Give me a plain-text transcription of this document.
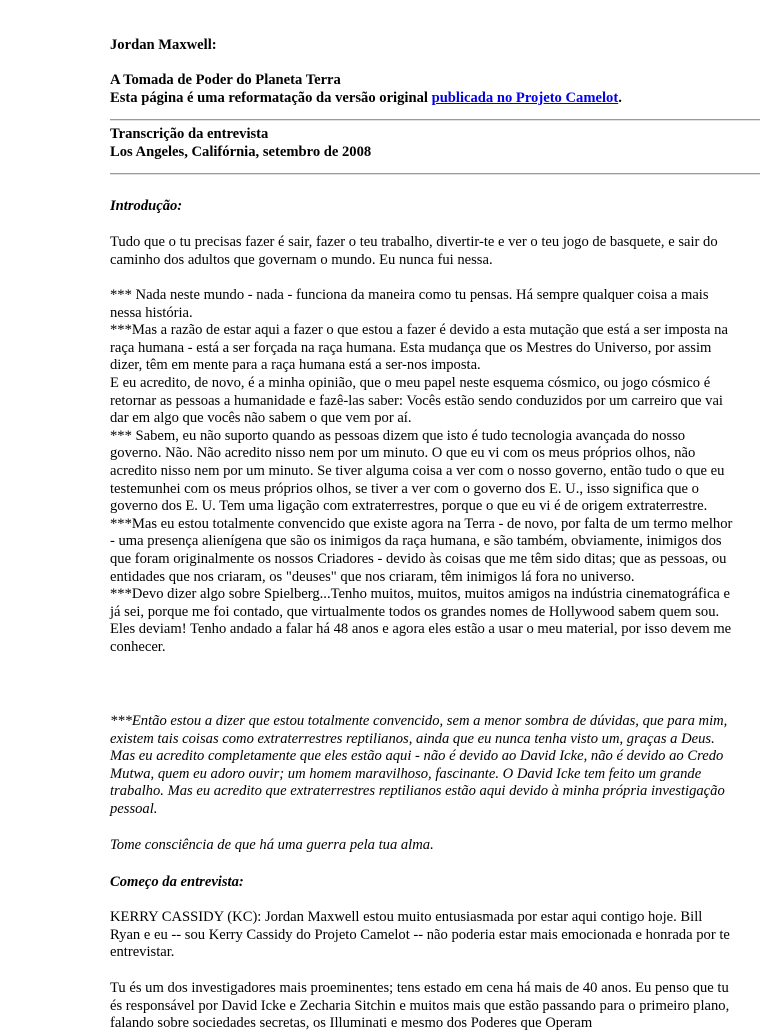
Jordan Maxwell:
A Tomada de Poder do Planeta Terra
Esta página é uma reformatação da versão original publicada no Projeto Camelot.
Transcrição da entrevista
Los Angeles, Califórnia, setembro de 2008
Introdução:

Tudo que o tu precisas fazer é sair, fazer o teu trabalho, divertir-te e ver o teu jogo de basquete, e sair do caminho dos adultos que governam o mundo. Eu nunca fui nessa.

*** Nada neste mundo - nada - funciona da maneira como tu pensas. Há sempre qualquer coisa a mais nessa história.

***Mas a razão de estar aqui a fazer o que estou a fazer é devido a esta mutação que está a ser imposta na raça humana - está a ser forçada na raça humana. Esta mudança que os Mestres do Universo, por assim dizer, têm em mente para a raça humana está a ser-nos imposta.

E eu acredito, de novo, é a minha opinião, que o meu papel neste esquema cósmico, ou jogo cósmico é retornar as pessoas a humanidade e fazê-las saber: Vocês estão sendo conduzidos por um carreiro que vai dar em algo que vocês não sabem o que vem por aí.

*** Sabem, eu não suporto quando as pessoas dizem que isto é tudo tecnologia avançada do nosso governo. Não. Não acredito nisso nem por um minuto. O que eu vi com os meus próprios olhos, não acredito nisso nem por um minuto. Se tiver alguma coisa a ver com o nosso governo, então tudo o que eu testemunhei com os meus próprios olhos, se tiver a ver com o governo dos E. U., isso significa que o governo dos E. U. Tem uma ligação com extraterrestres, porque o que eu vi é de origem extraterrestre.

***Mas eu estou totalmente convencido que existe agora na Terra - de novo, por falta de um termo melhor - uma presença alienígena que são os inimigos da raça humana, e são também, obviamente, inimigos dos que foram originalmente os nossos Criadores - devido às coisas que me têm sido ditas; que as pessoas, ou entidades que nos criaram, os "deuses" que nos criaram, têm inimigos lá fora no universo.

***Devo dizer algo sobre Spielberg...Tenho muitos, muitos, muitos amigos na indústria cinematográfica e já sei, porque me foi contado, que virtualmente todos os grandes nomes de Hollywood sabem quem sou. Eles deviam! Tenho andado a falar há 48 anos e agora eles estão a usar o meu material, por isso devem me conhecer.

***Então estou a dizer que estou totalmente convencido, sem a menor sombra de dúvidas, que para mim, existem tais coisas como extraterrestres reptilianos, ainda que eu nunca tenha visto um, graças a Deus. Mas eu acredito completamente que eles estão aqui - não é devido ao David Icke, não é devido ao Credo Mutwa, quem eu adoro ouvir; um homem maravilhoso, fascinante. O David Icke tem feito um grande trabalho. Mas eu acredito que extraterrestres reptilianos estão aqui devido à minha própria investigação pessoal.

Tome consciência de que há uma guerra pela tua alma.

Começo da entrevista:

KERRY CASSIDY (KC): Jordan Maxwell estou muito entusiasmada por estar aqui contigo hoje. Bill Ryan e eu -- sou Kerry Cassidy do Projeto Camelot -- não poderia estar mais emocionada e honrada por te entrevistar.

Tu és um dos investigadores mais proeminentes; tens estado em cena há mais de 40 anos. Eu penso que tu és responsável por David Icke e Zecharia Sitchin e muitos mais que estão passando para o primeiro plano, falando sobre sociedades secretas, os Illuminati e mesmo dos Poderes que Operam
